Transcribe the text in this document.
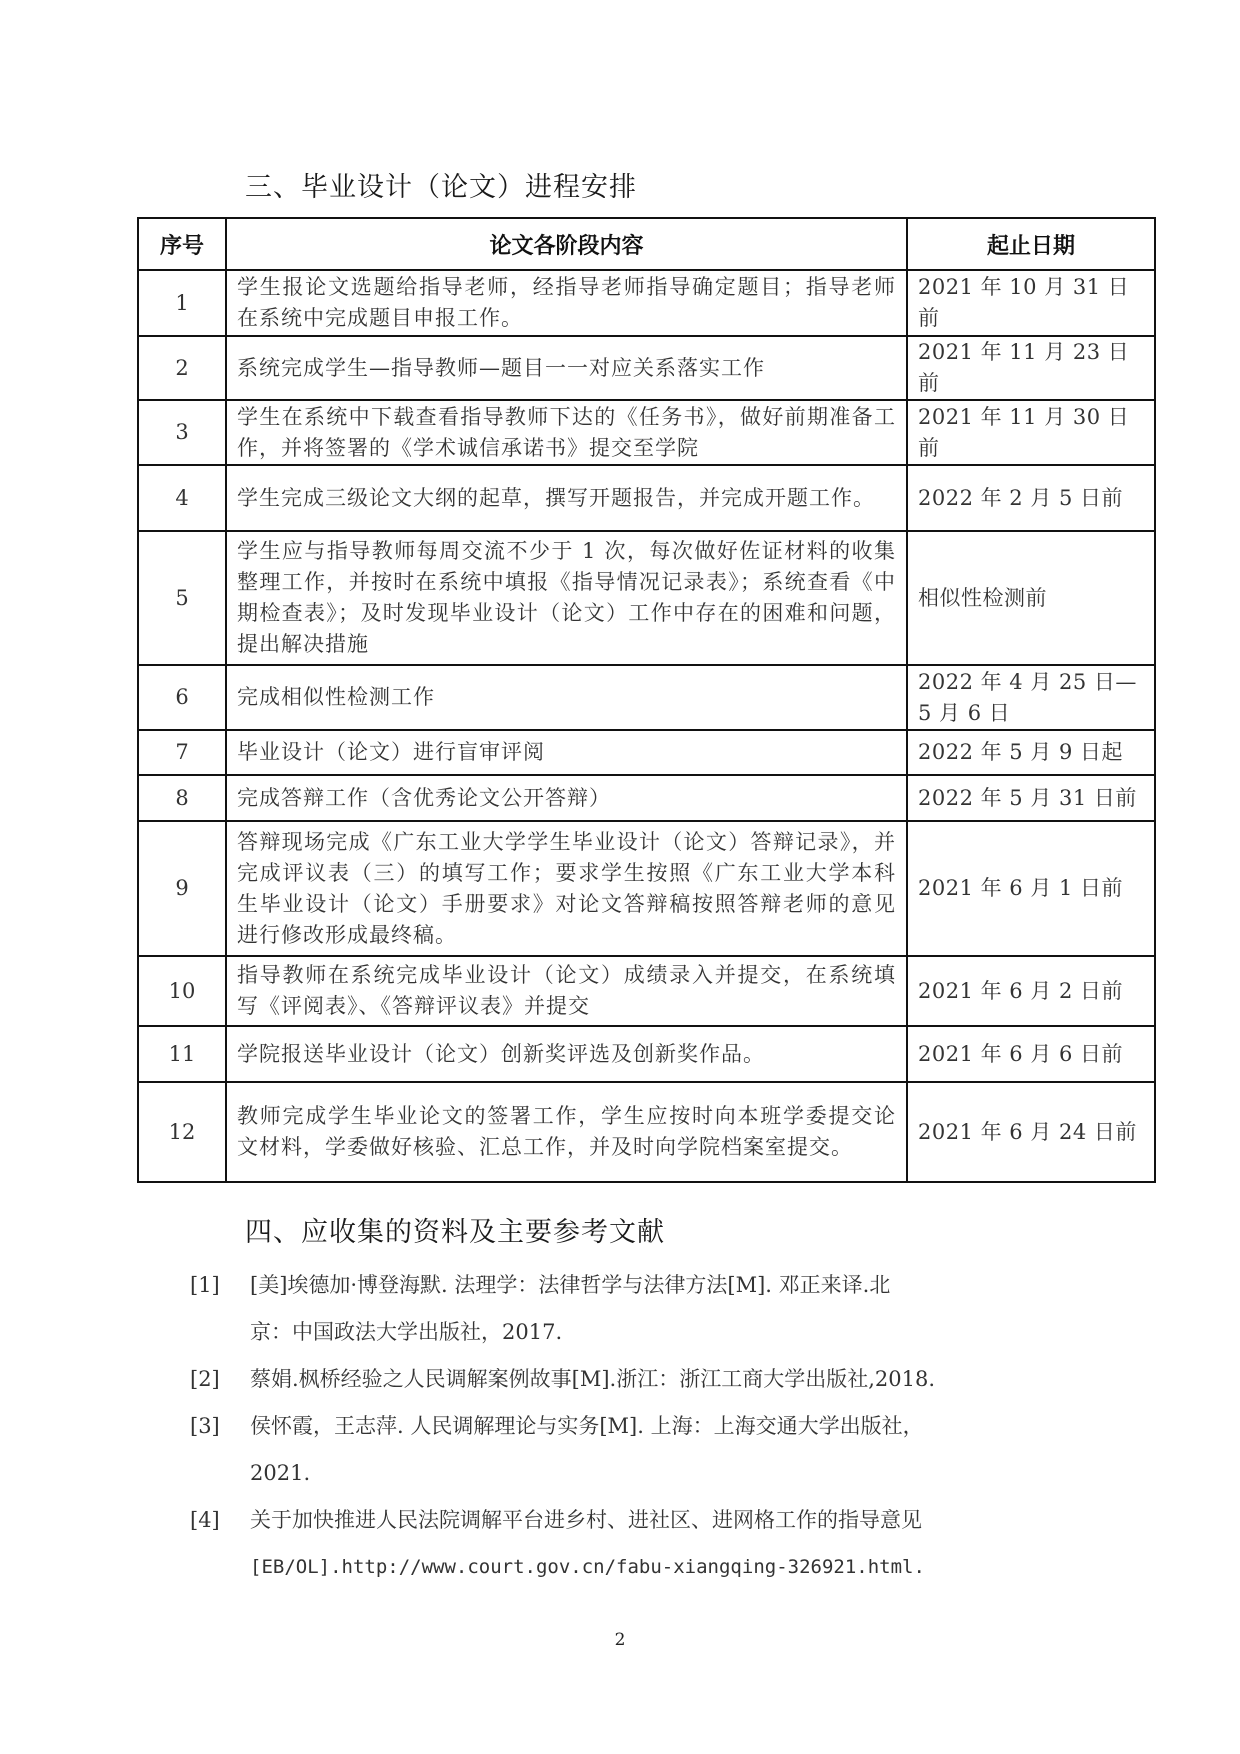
三、毕业设计（论文）进程安排
序号	论文各阶段内容	起止日期
1	学生报论文选题给指导老师，经指导老师指导确定题目；指导老师在系统中完成题目申报工作。	2021 年 10 月 31 日前
2	系统完成学生—指导教师—题目一一对应关系落实工作	2021 年 11 月 23 日前
3	学生在系统中下载查看指导教师下达的《任务书》，做好前期准备工作，并将签署的《学术诚信承诺书》提交至学院	2021 年 11 月 30 日前
4	学生完成三级论文大纲的起草，撰写开题报告，并完成开题工作。	2022 年 2 月 5 日前
5	学生应与指导教师每周交流不少于 1 次，每次做好佐证材料的收集整理工作，并按时在系统中填报《指导情况记录表》；系统查看《中期检查表》；及时发现毕业设计（论文）工作中存在的困难和问题，提出解决措施	相似性检测前
6	完成相似性检测工作	2022 年 4 月 25 日—5 月 6 日
7	毕业设计（论文）进行盲审评阅	2022 年 5 月 9 日起
8	完成答辩工作（含优秀论文公开答辩）	2022 年 5 月 31 日前
9	答辩现场完成《广东工业大学学生毕业设计（论文）答辩记录》，并完成评议表（三）的填写工作；要求学生按照《广东工业大学本科生毕业设计（论文）手册要求》对论文答辩稿按照答辩老师的意见进行修改形成最终稿。	2021 年 6 月 1 日前
10	指导教师在系统完成毕业设计（论文）成绩录入并提交，在系统填写《评阅表》、《答辩评议表》并提交	2021 年 6 月 2 日前
11	学院报送毕业设计（论文）创新奖评选及创新奖作品。	2021 年 6 月 6 日前
12	教师完成学生毕业论文的签署工作，学生应按时向本班学委提交论文材料，学委做好核验、汇总工作，并及时向学院档案室提交。	2021 年 6 月 24 日前
四、应收集的资料及主要参考文献
[1]	[美]埃德加·博登海默. 法理学：法律哲学与法律方法[M]. 邓正来译.北
京：中国政法大学出版社，2017.
[2]	蔡娟.枫桥经验之人民调解案例故事[M].浙江：浙江工商大学出版社,2018.
[3]	侯怀霞，王志萍. 人民调解理论与实务[M]. 上海：上海交通大学出版社，
2021.
[4]	关于加快推进人民法院调解平台进乡村、进社区、进网格工作的指导意见
[EB/OL].http://www.court.gov.cn/fabu-xiangqing-326921.html.
2
